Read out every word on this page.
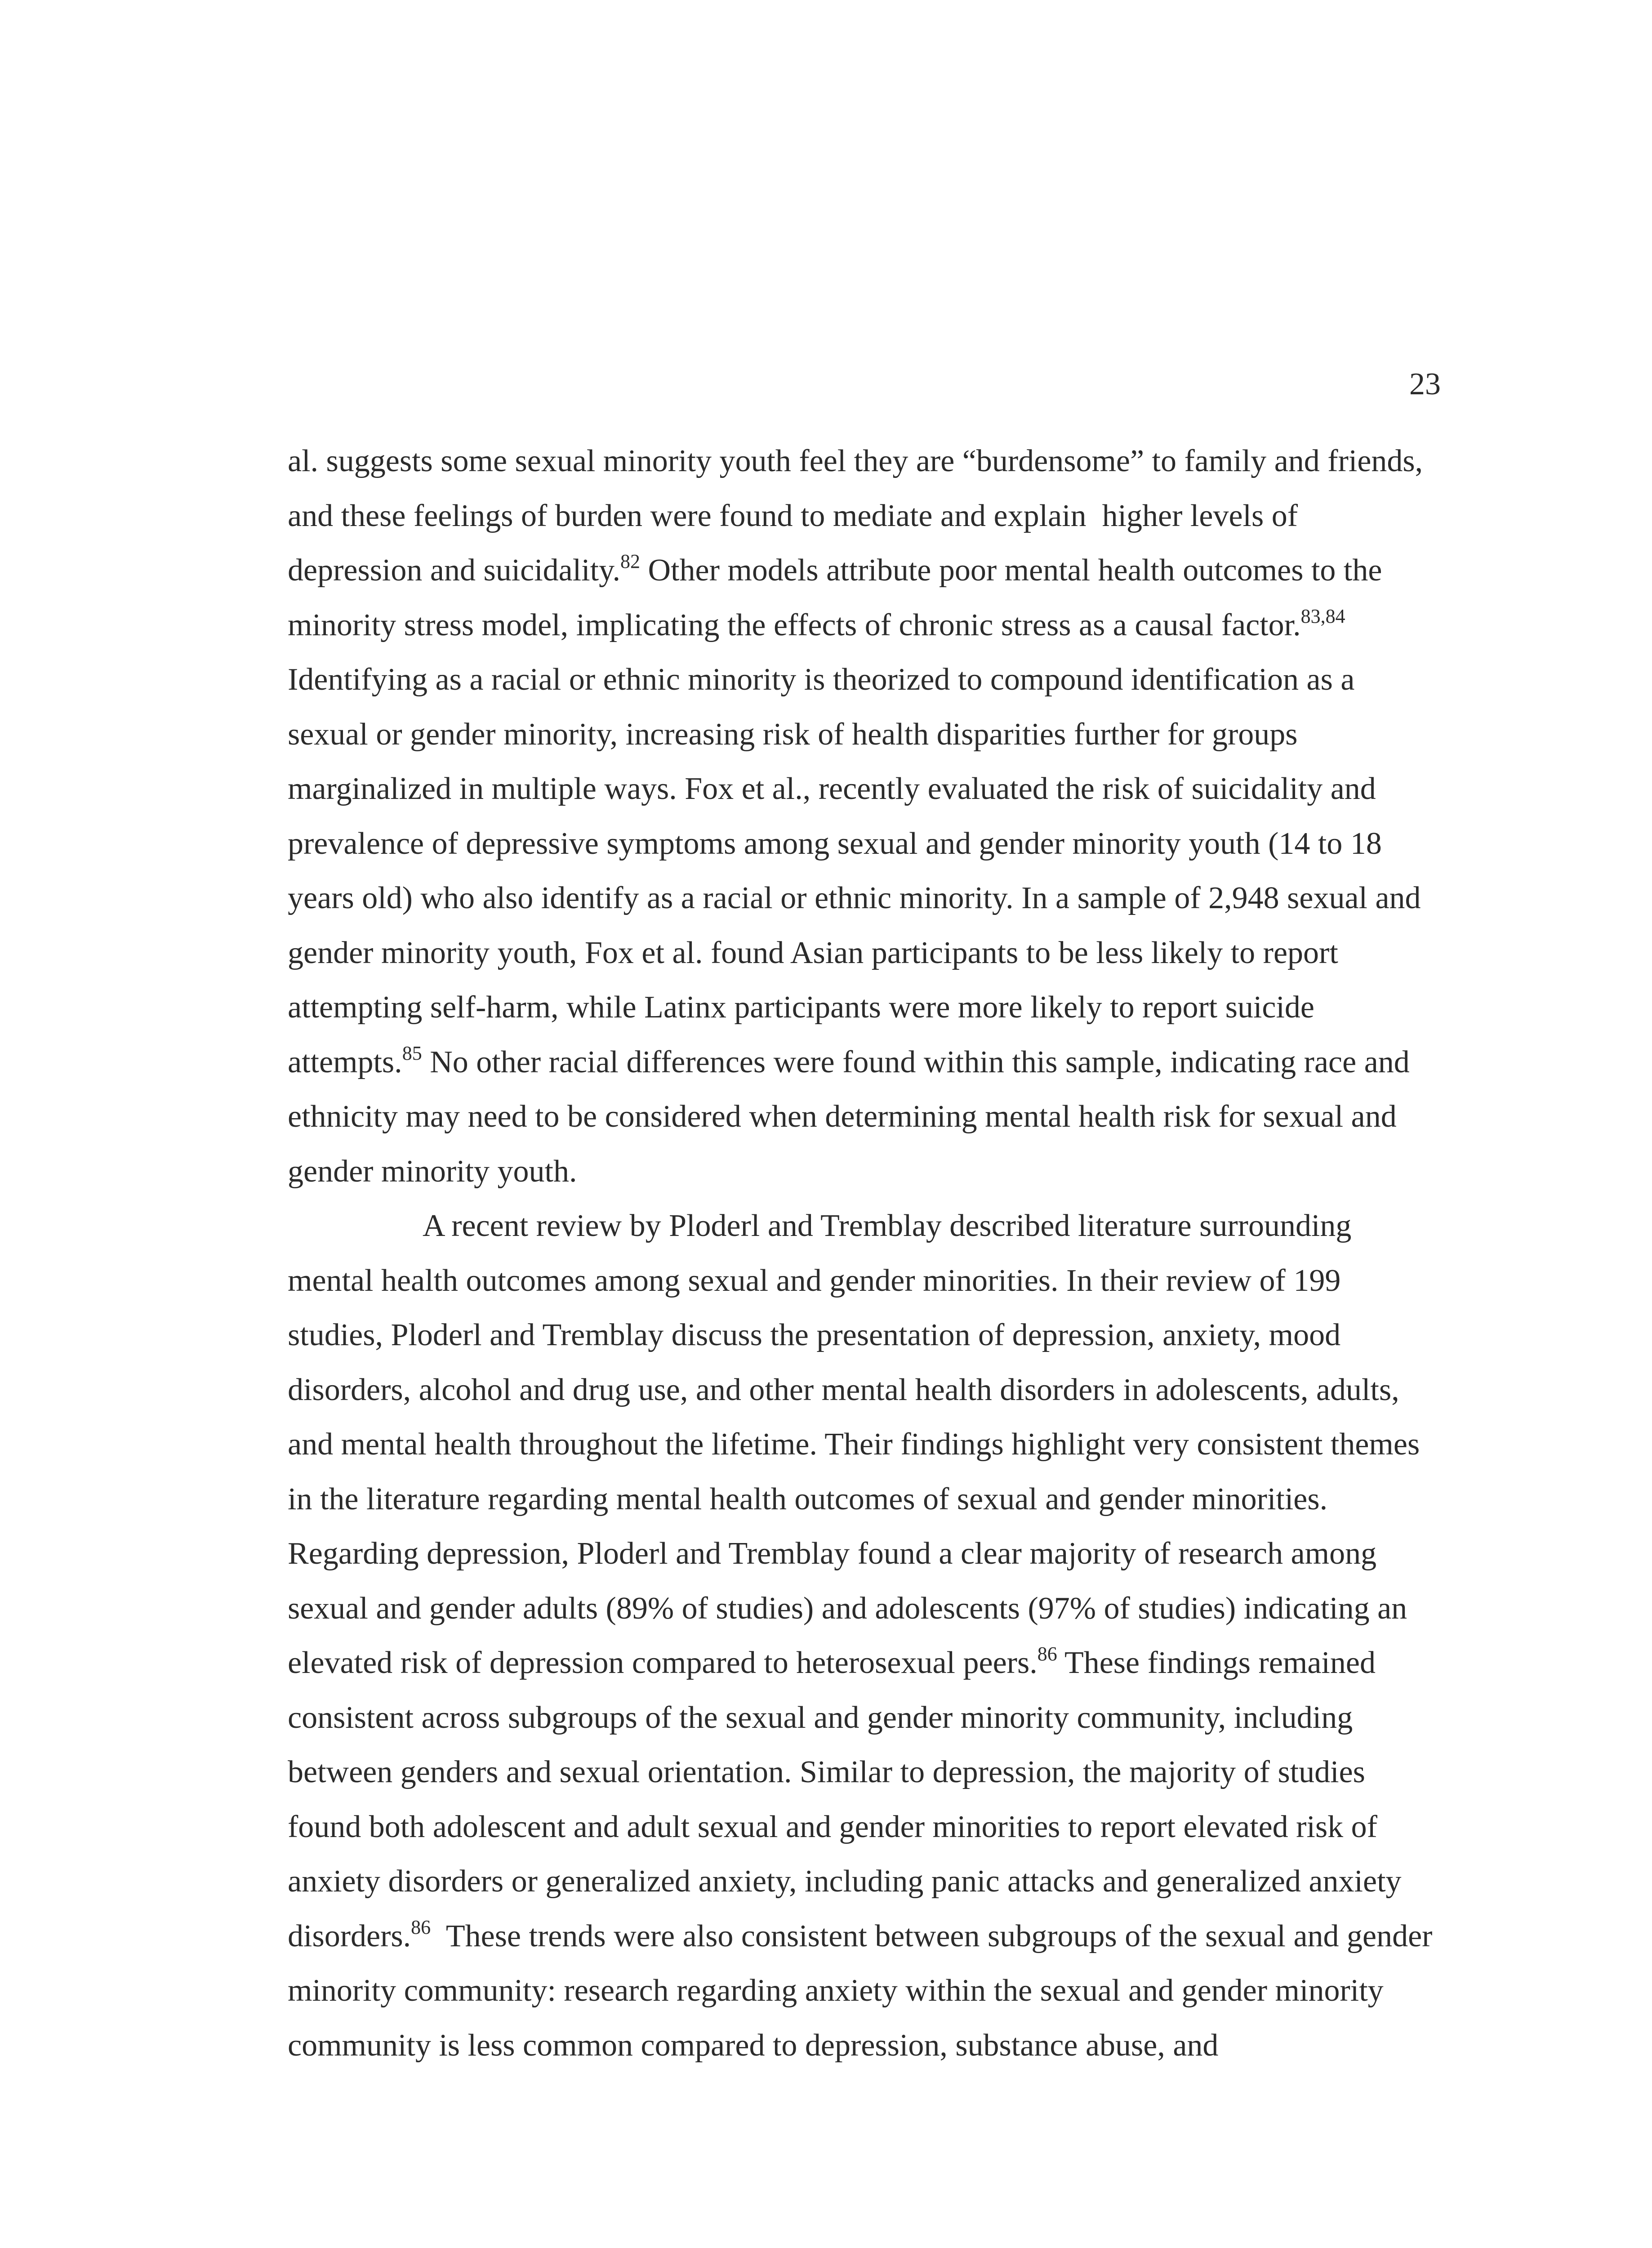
23

al. suggests some sexual minority youth feel they are “burdensome” to family and friends, and these feelings of burden were found to mediate and explain  higher levels of depression and suicidality.$^{82}$ Other models attribute poor mental health outcomes to the minority stress model, implicating the effects of chronic stress as a causal factor.$^{83,84}$ Identifying as a racial or ethnic minority is theorized to compound identification as a sexual or gender minority, increasing risk of health disparities further for groups marginalized in multiple ways. Fox et al., recently evaluated the risk of suicidality and prevalence of depressive symptoms among sexual and gender minority youth (14 to 18 years old) who also identify as a racial or ethnic minority. In a sample of 2,948 sexual and gender minority youth, Fox et al. found Asian participants to be less likely to report attempting self-harm, while Latinx participants were more likely to report suicide attempts.$^{85}$ No other racial differences were found within this sample, indicating race and ethnicity may need to be considered when determining mental health risk for sexual and gender minority youth.

A recent review by Ploderl and Tremblay described literature surrounding mental health outcomes among sexual and gender minorities. In their review of 199 studies, Ploderl and Tremblay discuss the presentation of depression, anxiety, mood disorders, alcohol and drug use, and other mental health disorders in adolescents, adults, and mental health throughout the lifetime. Their findings highlight very consistent themes in the literature regarding mental health outcomes of sexual and gender minorities. Regarding depression, Ploderl and Tremblay found a clear majority of research among sexual and gender adults (89% of studies) and adolescents (97% of studies) indicating an elevated risk of depression compared to heterosexual peers.$^{86}$ These findings remained consistent across subgroups of the sexual and gender minority community, including between genders and sexual orientation. Similar to depression, the majority of studies found both adolescent and adult sexual and gender minorities to report elevated risk of anxiety disorders or generalized anxiety, including panic attacks and generalized anxiety disorders.$^{86}$  These trends were also consistent between subgroups of the sexual and gender minority community: research regarding anxiety within the sexual and gender minority community is less common compared to depression, substance abuse, and
